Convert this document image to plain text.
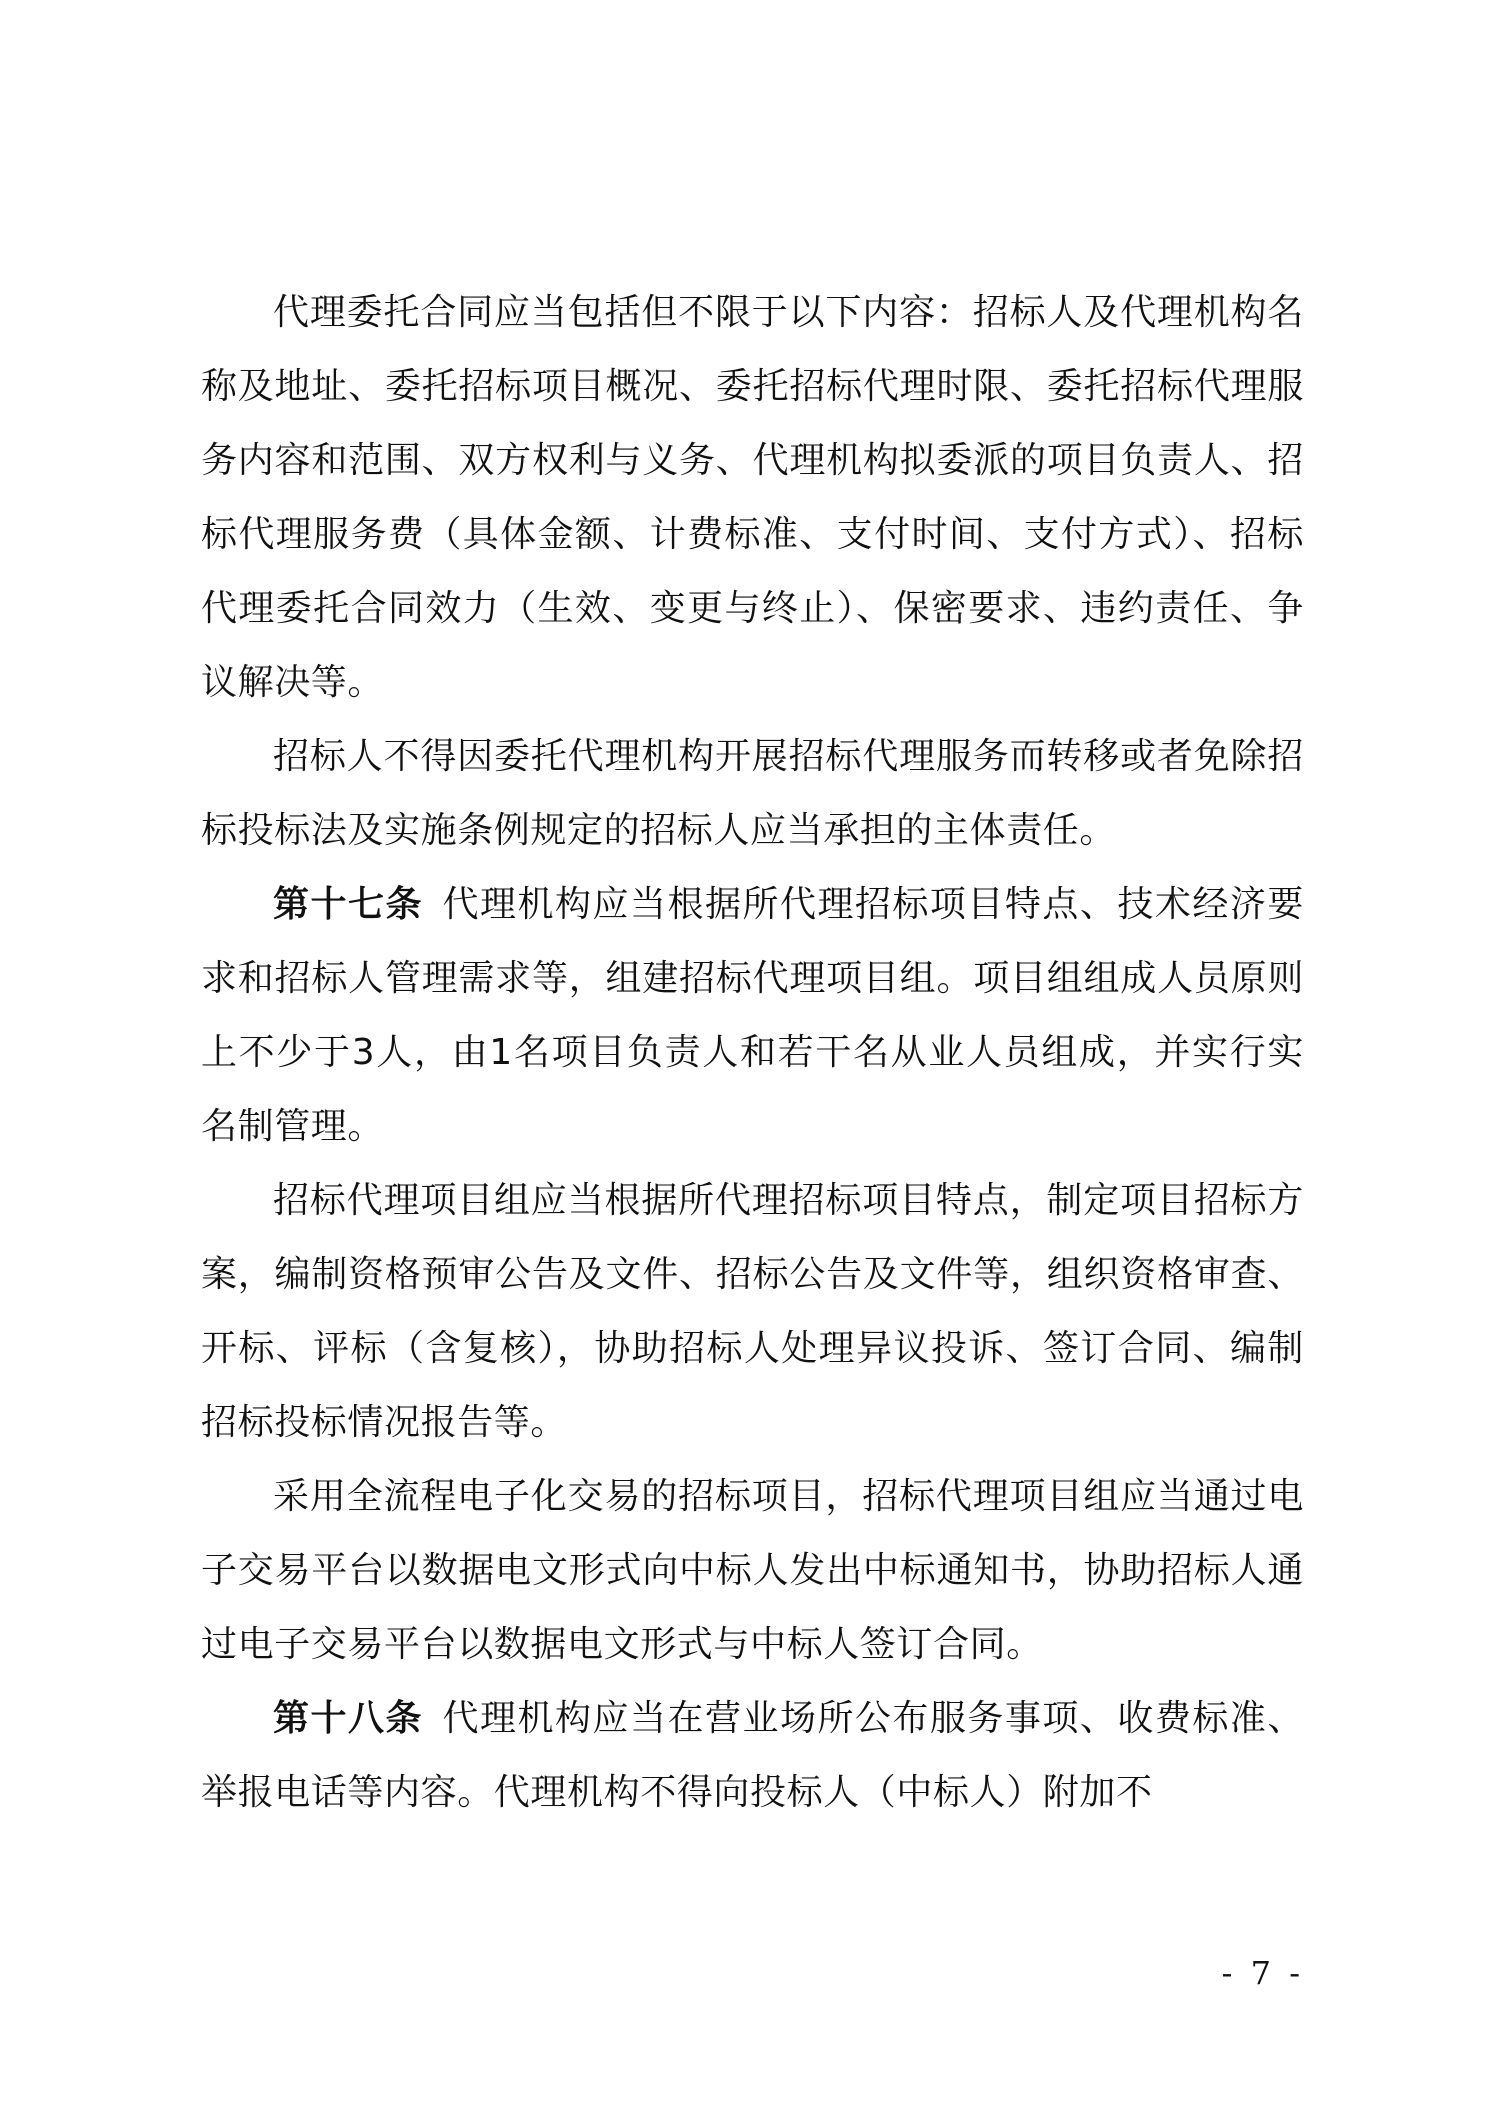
代理委托合同应当包括但不限于以下内容：招标人及代理机构名称及地址、委托招标项目概况、委托招标代理时限、委托招标代理服务内容和范围、双方权利与义务、代理机构拟委派的项目负责人、招标代理服务费（具体金额、计费标准、支付时间、支付方式）、招标代理委托合同效力（生效、变更与终止）、保密要求、违约责任、争议解决等。

招标人不得因委托代理机构开展招标代理服务而转移或者免除招标投标法及实施条例规定的招标人应当承担的主体责任。

第十七条  代理机构应当根据所代理招标项目特点、技术经济要求和招标人管理需求等，组建招标代理项目组。项目组组成人员原则上不少于3人，由1名项目负责人和若干名从业人员组成，并实行实名制管理。

招标代理项目组应当根据所代理招标项目特点，制定项目招标方案，编制资格预审公告及文件、招标公告及文件等，组织资格审查、开标、评标（含复核），协助招标人处理异议投诉、签订合同、编制招标投标情况报告等。

采用全流程电子化交易的招标项目，招标代理项目组应当通过电子交易平台以数据电文形式向中标人发出中标通知书，协助招标人通过电子交易平台以数据电文形式与中标人签订合同。

第十八条  代理机构应当在营业场所公布服务事项、收费标准、举报电话等内容。代理机构不得向投标人（中标人）附加不

- 7 -
